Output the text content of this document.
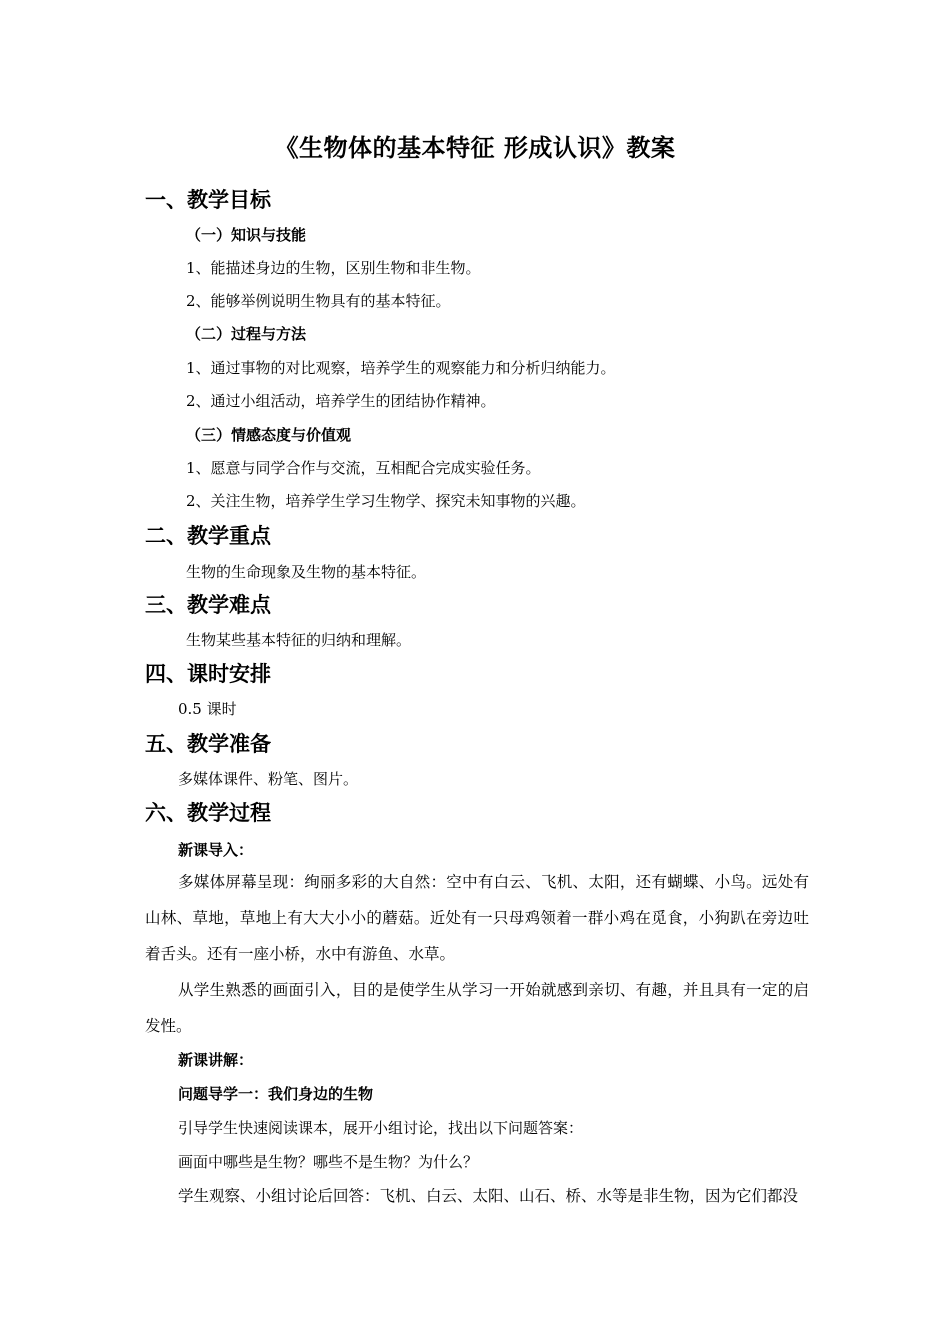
《生物体的基本特征 形成认识》教案
一、教学目标
（一）知识与技能
1、能描述身边的生物，区别生物和非生物。
2、能够举例说明生物具有的基本特征。
（二）过程与方法
1、通过事物的对比观察，培养学生的观察能力和分析归纳能力。
2、通过小组活动，培养学生的团结协作精神。
（三）情感态度与价值观
1、愿意与同学合作与交流，互相配合完成实验任务。
2、关注生物，培养学生学习生物学、探究未知事物的兴趣。
二、教学重点
生物的生命现象及生物的基本特征。
三、教学难点
生物某些基本特征的归纳和理解。
四、课时安排
0.5 课时
五、教学准备
多媒体课件、粉笔、图片。
六、教学过程
新课导入：
多媒体屏幕呈现：绚丽多彩的大自然：空中有白云、飞机、太阳，还有蝴蝶、小鸟。远处有山林、草地，草地上有大大小小的蘑菇。近处有一只母鸡领着一群小鸡在觅食，小狗趴在旁边吐着舌头。还有一座小桥，水中有游鱼、水草。
从学生熟悉的画面引入，目的是使学生从学习一开始就感到亲切、有趣，并且具有一定的启发性。
新课讲解：
问题导学一：我们身边的生物
引导学生快速阅读课本，展开小组讨论，找出以下问题答案：
画面中哪些是生物？哪些不是生物？为什么？
学生观察、小组讨论后回答：飞机、白云、太阳、山石、桥、水等是非生物，因为它们都没
